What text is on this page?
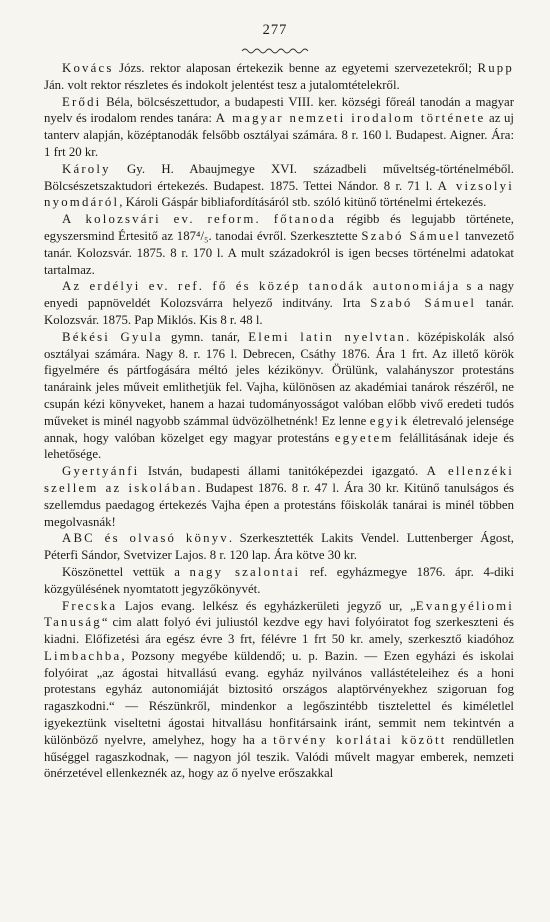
277

Kovács Józs. rektor alaposan értekezik benne az egyetemi szervezetekről; Rupp Ján. volt rektor részletes és indokolt jelentést tesz a jutalomtételekről.

Erődi Béla, bölcsészettudor, a budapesti VIII. ker. községi főreál tanodán a magyar nyelv és irodalom rendes tanára: A magyar nemzeti irodalom története az uj tanterv alapján, középtanodák felsőbb osztályai számára. 8 r. 160 l. Budapest. Aigner. Ára: 1 frt 20 kr.

Károly Gy. H. Abaujmegye XVI. századbeli műveltség-történelméből. Bölcsészetszaktudori értekezés. Budapest. 1875. Tettei Nándor. 8 r. 71 l. A vizsolyi nyomdáról, Károli Gáspár bibliafordításáról stb. szóló kitünő történelmi értekezés.

A kolozsvári ev. reform. főtanoda régibb és legujabb története, egyszersmind Értesitő az 187⁴/₅. tanodai évről. Szerkesztette Szabó Sámuel tanvezető tanár. Kolozsvár. 1875. 8 r. 170 l. A mult századokról is igen becses történelmi adatokat tartalmaz.

Az erdélyi ev. ref. fő és közép tanodák autonomiája s a nagy enyedi papnöveldét Kolozsvárra helyező inditvány. Irta Szabó Sámuel tanár. Kolozsvár. 1875. Pap Miklós. Kis 8 r. 48 l.

Békési Gyula gymn. tanár, Elemi latin nyelvtan. középiskolák alsó osztályai számára. Nagy 8. r. 176 l. Debrecen, Csáthy 1876. Ára 1 frt. Az illető körök figyelmére és pártfogására méltó jeles kézikönyv. Örülünk, valahányszor protestáns tanáraink jeles műveit emlithetjük fel. Vajha, különösen az akadémiai tanárok részéről, ne csupán kézi könyveket, hanem a hazai tudományosságot valóban előbb vivő eredeti tudós műveket is minél nagyobb számmal üdvözölhetnénk! Ez lenne egyik életrevaló jelensége annak, hogy valóban közelget egy magyar protestáns egyetem felállitásának ideje és lehetősége.

Gyertyánfi István, budapesti állami tanitóképezdei igazgató. A ellenzéki szellem az iskolában. Budapest 1876. 8 r. 47 l. Ára 30 kr. Kitünő tanulságos és szellemdus paedagog értekezés Vajha épen a protestáns főiskolák tanárai is minél többen megolvasnák!

ABC és olvasó könyv. Szerkesztették Lakits Vendel. Luttenberger Ágost, Péterfi Sándor, Svetvizer Lajos. 8 r. 120 lap. Ára kötve 30 kr.

Köszönettel vettük a nagy szalontai ref. egyházmegye 1876. ápr. 4-diki közgyülésének nyomtatott jegyzőkönyvét.

Frecska Lajos evang. lelkész és egyházkerületi jegyző ur, „Evangyéliomi Tanuság“ cim alatt folyó évi juliustól kezdve egy havi folyóiratot fog szerkeszteni és kiadni. Előfizetési ára egész évre 3 frt, félévre 1 frt 50 kr. amely, szerkesztő kiadóhoz Limbachba, Pozsony megyébe küldendő; u. p. Bazin. — Ezen egyházi és iskolai folyóirat „az ágostai hitvallású evang. egyház nyilvános vallástételeihez és a honi protestans egyház autonomiáját biztositó országos alaptörvényekhez szigoruan fog ragaszkodni.“ — Részünkről, mindenkor a legőszintébb tisztelettel és kiméletlel igyekeztünk viseltetni ágostai hitvallásu honfitársaink iránt, semmit nem tekintvén a különböző nyelvre, amelyhez, hogy ha a törvény korlátai között rendülletlen hűséggel ragaszkodnak, — nagyon jól teszik. Valódi művelt magyar emberek, nemzeti önérzetével ellenkeznék az, hogy az ő nyelve erőszakkal
